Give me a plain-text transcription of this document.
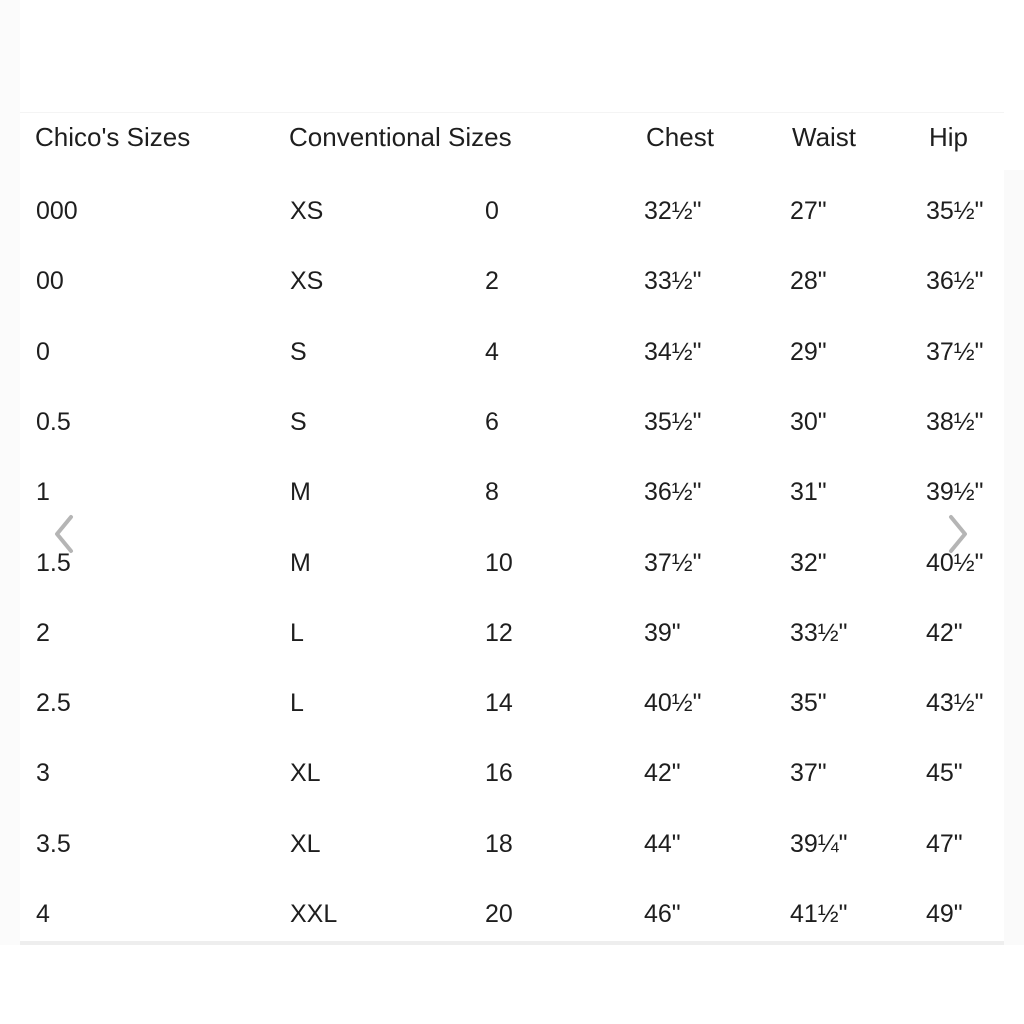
Chico's Sizes	Conventional Sizes	Chest	Waist	Hip
000	XS	0	32½"	27"	35½"
00	XS	2	33½"	28"	36½"
0	S	4	34½"	29"	37½"
0.5	S	6	35½"	30"	38½"
1	M	8	36½"	31"	39½"
1.5	M	10	37½"	32"	40½"
2	L	12	39"	33½"	42"
2.5	L	14	40½"	35"	43½"
3	XL	16	42"	37"	45"
3.5	XL	18	44"	39¼"	47"
4	XXL	20	46"	41½"	49"
